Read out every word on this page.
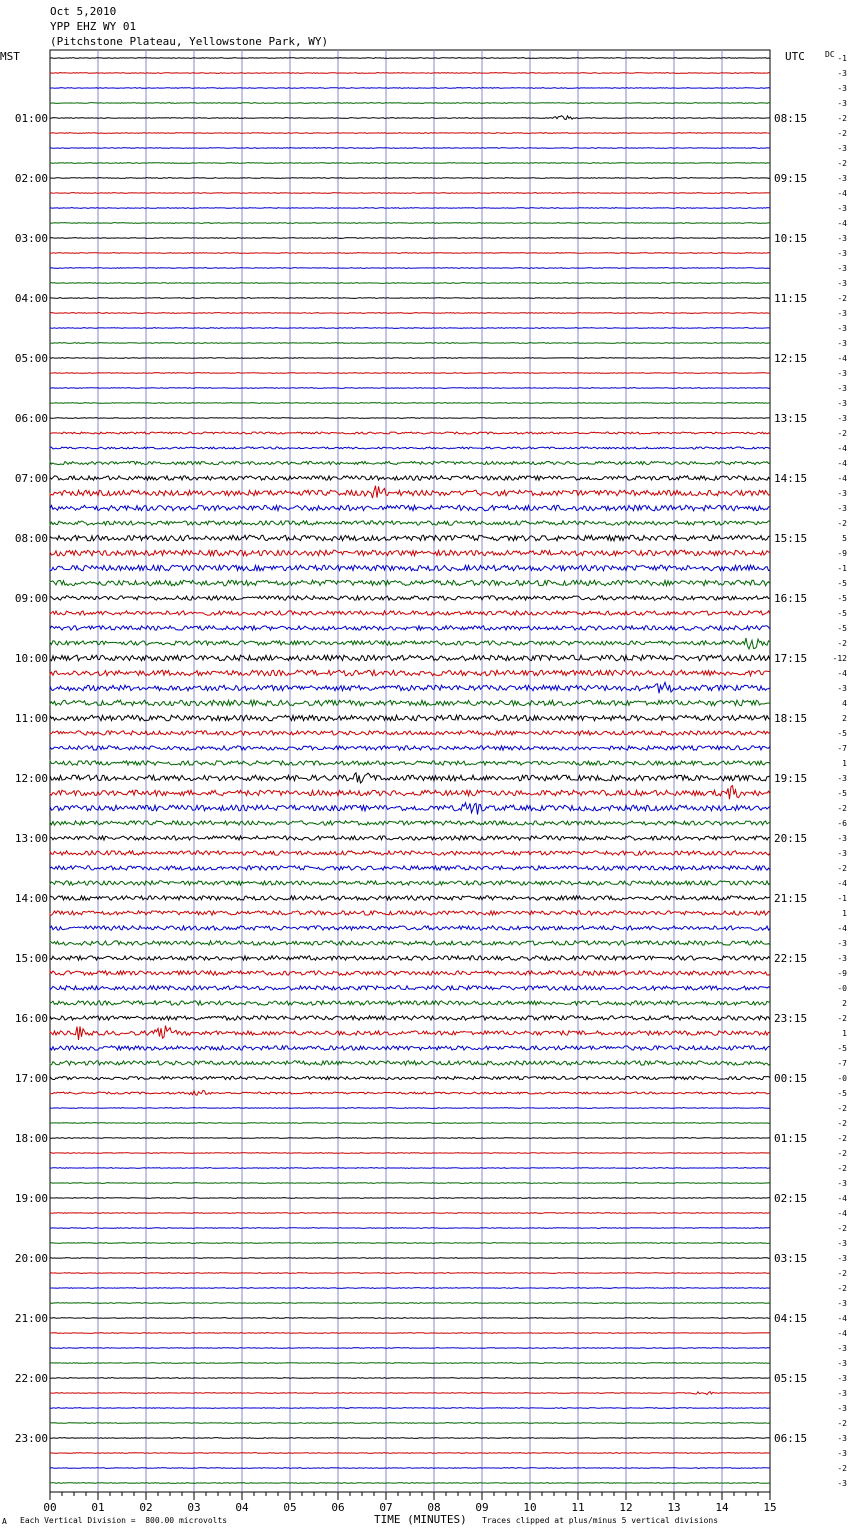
Oct 5,2010
YPP EHZ WY 01
(Pitchstone Plateau, Yellowstone Park, WY)
MST	UTC	DC -1
-3
-3
-3
-2
-2
-3
-2
-3
-4
-3
-4
-3
-3
-3
-3
-2
-3
-3
-3
-4
-3
-3
-3
-3
-2
-4
-4
-4
-3
-3
-2
5
-9
-1
-5
-5
-5
-5
-2
-12
-4
-3
4
2
-5
-7
1
-3
-5
-2
-6
-3
-3
-2
-4
-1
1
-4
-3
-3
-9
-0
2
-2
1
-5
-7
-0
-5
-2
-2
-2
-2
-2
-3
-4
-4
-2
-3
-3
-2
-2
-3
-4
-4
-3
-3
-3
-3
-3
-2
-3
-3
-2
-3
01:00
02:00
03:00
04:00
05:00
06:00
07:00
08:00
09:00
10:00
11:00
12:00
13:00
14:00
15:00
16:00
17:00
18:00
19:00
20:00
21:00
22:00
23:00
08:15
09:15
10:15
11:15
12:15
13:15
14:15
15:15
16:15
17:15
18:15
19:15
20:15
21:15
22:15
23:15
00:15
01:15
02:15
03:15
04:15
05:15
06:15
00	01	02	03	04	05	06	07	08	09	10	11	12	13	14	15
A Each Vertical Division =  800.00 microvolts	TIME (MINUTES) Traces clipped at plus/minus 5 vertical divisions
